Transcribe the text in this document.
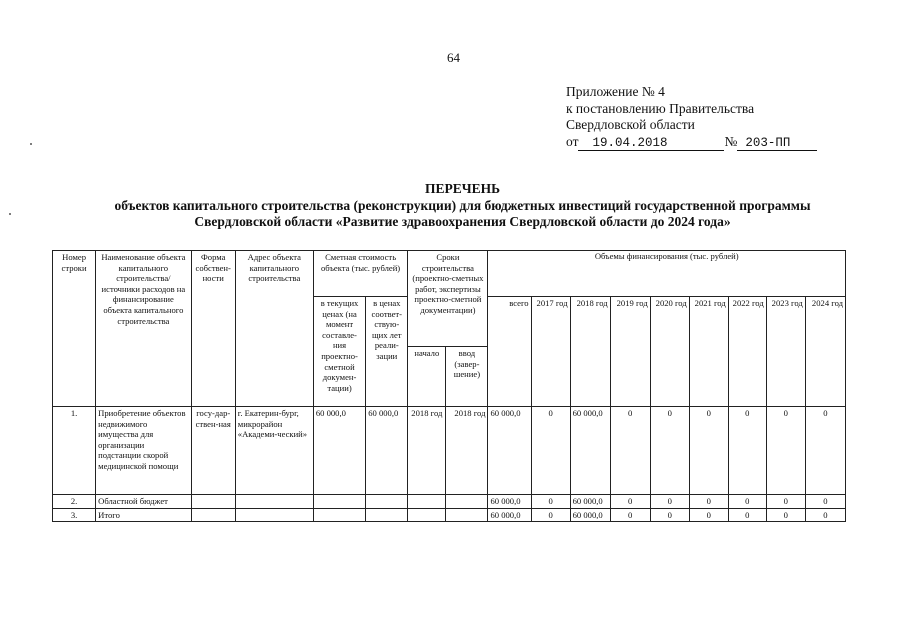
64
Приложение № 4
к постановлению Правительства
Свердловской области
от 19.04.2018	№ 203-ПП
ПЕРЕЧЕНЬ
объектов капитального строительства (реконструкции) для бюджетных инвестиций государственной программы
Свердловской области «Развитие здравоохранения Свердловской области до 2024 года»
Номер строки	Наименование объекта капитального строительства/ источники расходов на финансирование объекта капитального строительства	Форма собствен-ности	Адрес объекта капитального строительства	Сметная стоимость объекта (тыс. рублей)		Сроки строительства (проектно-сметных работ, экспертизы проектно-сметной документации)		Объемы финансирования (тыс. рублей)								
				в текущих ценах (на момент составле-ния проектно-сметной докумен-тации)	в ценах соответ-ствую-щих лет реали-зации			всего	2017 год	2018 год	2019 год	2020 год	2021 год	2022 год	2023 год	2024 год
						начало	ввод (завер-шение)									
1.	Приобретение объектов недвижимого имущества для организации подстанции скорой медицинской помощи	госу-дар-ствен-ная	г. Екатерин-бург, микрорайон «Академи-ческий»	60 000,0	60 000,0	2018 год	2018 год	60 000,0	0	60 000,0	0	0	0	0	0	0
2.	Областной бюджет							60 000,0	0	60 000,0	0	0	0	0	0	0
3.	Итого							60 000,0	0	60 000,0	0	0	0	0	0	0
